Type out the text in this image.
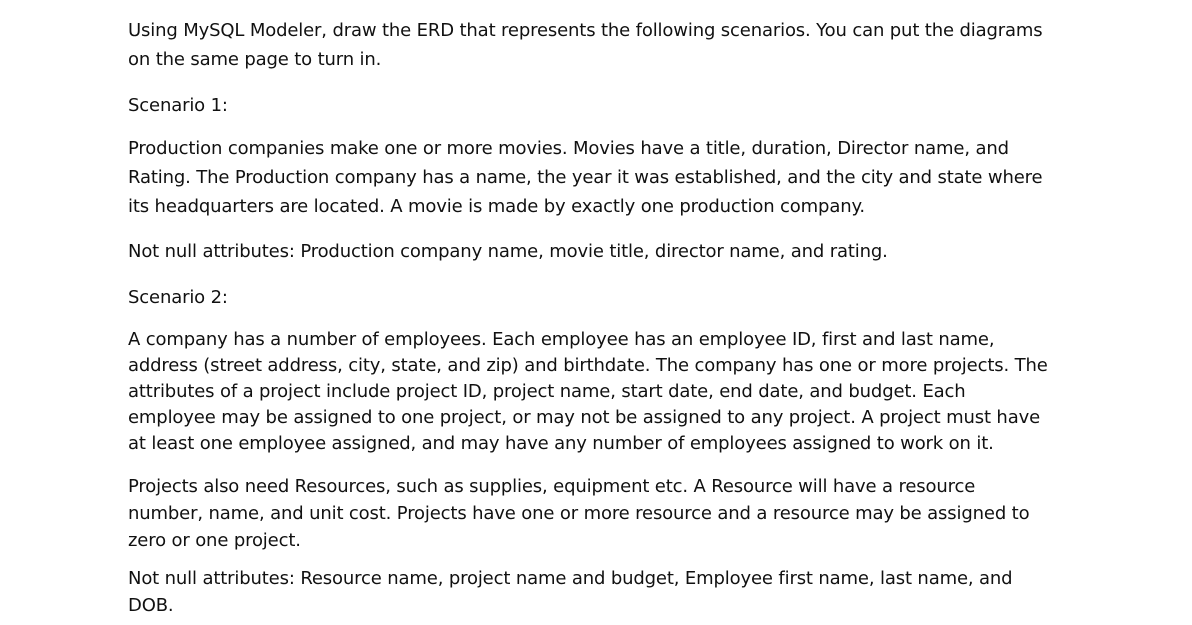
Using MySQL Modeler, draw the ERD that represents the following scenarios. You can put the diagrams
on the same page to turn in.

Scenario 1:

Production companies make one or more movies. Movies have a title, duration, Director name, and
Rating. The Production company has a name, the year it was established, and the city and state where
its headquarters are located. A movie is made by exactly one production company.

Not null attributes: Production company name, movie title, director name, and rating.

Scenario 2:

A company has a number of employees. Each employee has an employee ID, first and last name,
address (street address, city, state, and zip) and birthdate. The company has one or more projects. The
attributes of a project include project ID, project name, start date, end date, and budget. Each
employee may be assigned to one project, or may not be assigned to any project. A project must have
at least one employee assigned, and may have any number of employees assigned to work on it.

Projects also need Resources, such as supplies, equipment etc. A Resource will have a resource
number, name, and unit cost. Projects have one or more resource and a resource may be assigned to
zero or one project.

Not null attributes: Resource name, project name and budget, Employee first name, last name, and
DOB.
